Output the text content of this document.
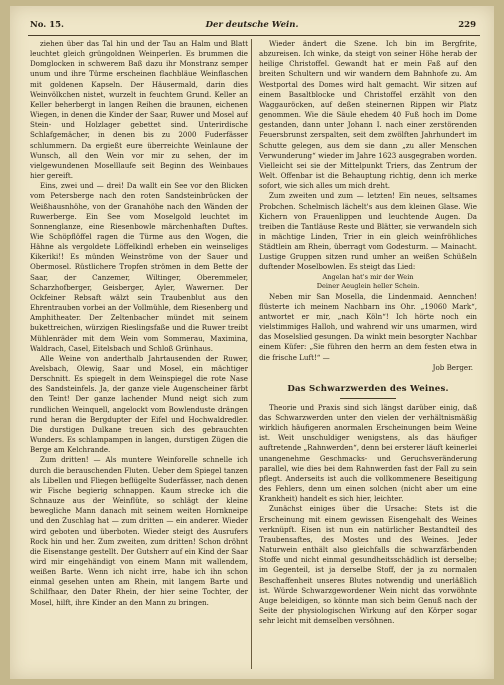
No. 15.	Der deutsche Wein.	229

ziehen über das Tal hin und der Tau an Halm und Blatt leuchtet gleich grüngoldnen Weinperlen. Es brummen die Domglocken in schwerem Baß dazu ihr Monstranz semper unum und ihre Türme erscheinen flachbläue Weinflaschen mit goldenen Kapseln. Der Häusermald, darin dies Weinvölkchen nistet, wurzelt in feuchtem Grund. Keller an Keller beherbergt in langen Reihen die braunen, eichenen Wiegen, in denen die Kinder der Saar, Ruwer und Mosel auf Stein- und Holzlager gebettet sind. Unterirdische Schlafgemächer, in denen bis zu 2000 Fuderfässer schlummern. Da ergießt eure überreichte Weinlaune der Wunsch, all den Wein vor mir zu sehen, der im vielgewundenen Moselllaufe seit Beginn des Weinbaues hier gereift.

Eins, zwei und — drei! Da wallt ein See vor den Blicken vom Petersberge nach den roten Sandsteinbrücken der Weißhausnhöhe, von der Granahöhe nach den Wänden der Ruwerberge. Ein See vom Moselgold leuchtet im Sonnenglanze, eine Riesenbowle märchenhaften Duftes. Wie Schöpflöffel ragen die Türme aus den Wogen, die Hähne als vergoldete Löffelkindl erheben ein weinseliges Kikeriki!! Es münden Weinströme von der Sauer und Obermosel. Rüstlichere Tropfen strömen in dem Bette der Saar, der Canzemer, Wiltinger, Oberemmeler, Scharzhofberger, Geisberger, Ayler, Wawerner. Der Ockfeiner Rebsaft wälzt sein Traubenblut aus den Ehrentrauben vorbei an der Vollmühle, dem Riesenberg und Amphitheater. Der Zeltenbacher mündet mit seinem bukettreichen, würzigen Rieslingsfaße und die Ruwer treibt Mühlenräder mit dem Wein vom Sommerau, Maximina, Waldrach, Casel, Eitelsbach und Schloß Grünhaus.

Alle Weine von anderthalb Jahrtausenden der Ruwer, Avelsbach, Olewig, Saar und Mosel, ein mächtiger Derschnitt. Es spiegelt in dem Weinspiegel die rote Nase des Sandsteinfels. Ja, der ganze viele Augenscheiner färbt den Teint! Der ganze lachender Mund neigt sich zum rundlichen Weinquell, angelockt vom Bowlenduste drängen rund heran die Bergdupter der Eifel und Hochwaldredler. Die durstigen Dulkane treuen sich des gebrauchten Wunders. Es schlampampen in langen, durstigen Zügen die Berge am Kelchrande.

Zum dritten! — Als muntere Weinforelle schnelle ich durch die berauschenden Fluten. Ueber dem Spiegel tanzen als Libellen und Fliegen beflügelte Suderfässer, nach denen wir Fische begierig schnappen. Kaum strecke ich die Schnauze aus der Weinflüte, so schlägt der kleine bewegliche Mann danach mit seinem weiten Hornkneipe und den Zuschlag hat — zum dritten — ein anderer. Wieder wird geboten und überboten. Wieder steigt des Ausrufers Rock hin und her. Zum zweiten, zum dritten! Schon dröhnt die Eisenstange gestellt. Der Gutsherr auf ein Kind der Saar wird mir eingehändigt von einem Mann mit wallendem, weißen Barte. Wenn ich nicht irre, habe ich ihn schon einmal gesehen unten am Rhein, mit langem Barte und Schilfhaar, den Dater Rhein, der hier seine Tochter, der Mosel, hilft, ihre Kinder an den Mann zu bringen.

Wieder ändert die Szene. Ich bin im Bergfrite, abzureisen. Ich winke, da steigt von seiner Höhe herab der heilige Christoffel. Gewandt hat er mein Faß auf den breiten Schultern und wir wandern dem Bahnhofe zu. Am Westportal des Domes wird halt gemacht. Wir sitzen auf einem Basaltblocke und Christoffel erzählt von den Waggauröcken, auf deßen steinernen Rippen wir Platz genommen. Wie die Säule ehedem 40 Fuß hoch im Dome gestanden, dann unter Johann I. nach einer zerstörenden Feuersbrunst zerspalten, seit dem zwölften Jahrhundert im Schutte gelegen, aus dem sie dann „zu aller Menschen Verwunderung“ wieder im Jahre 1623 ausgegraben worden. Vielleicht sei sie der Mittelpunkt Triers, das Zentrum der Welt. Offenbar ist die Behauptung richtig, denn ich merke sofort, wie sich alles um mich dreht.

Zum zweiten und zum — letzten! Ein neues, seltsames Probchen. Schelmisch lächelt's aus dem kleinen Glase. Wie Kichern von Frauenlippen und leuchtende Augen. Da treiben die Tantläuse Reste und Blätter, sie verwandeln sich in mächtige Linden, Trier in ein gleich weinfröhliches Städtlein am Rhein, überragt vom Godesturm. — Mainacht. Lustige Gruppen sitzen rund umher an weißen Schüßeln duftender Moselbowlen. Es steigt das Lied:

Angelan hat's mir der Wein
Deiner Aeuglein heller Schein.

Neben mir San Mosella, die Lindenmaid. Aennchen! flüsterte ich meinem Nachbarn ins Ohr. „19060 Mark“, antwortet er mir, „nach Köln“! Ich hörte noch ein vielstimmiges Halloh, und wahrend wir uns umarmen, wird das Moselslied gesungen. Da winkt mein besorgter Nachbar einem Küfer: „Sie führen den herrn an dem festen etwa in die frische Luft!“ —

Job Berger.
Das Schwarzwerden des Weines.

Theorie und Praxis sind sich längst darüber einig, daß das Schwarzwerden unter den vielen der verhältnismäßig wirklich häufigeren anormalen Erscheinungen beim Weine ist. Weit unschuldiger wenigstens, als das häufiger auftretende „Rahnwerden“, denn bei ersterer läuft keinerlei unangenehme Geschmacks- und Geruchsveränderung parallel, wie dies bei dem Rahnwerden fast der Fall zu sein pflegt. Anderseits ist auch die vollkommenere Beseitigung des Fehlers, denn um einen solchen (nicht aber um eine Krankheit) handelt es sich hier, leichter.

Zunächst einiges über die Ursache: Stets ist die Erscheinung mit einem gewissen Eisengehalt des Weines verknüpft. Eisen ist nun ein natürlicher Bestandteil des Traubensaftes, des Mostes und des Weines. Jeder Naturwein enthält also gleichfalls die schwarzfärbenden Stoffe und nicht einmal gesundheitsschädlich ist derselbe; im Gegenteil, ist ja derselbe Stoff, der ja zu normalen Beschaffenheit unseres Blutes notwendig und unerläßlich ist. Würde Schwarzgewordener Wein nicht das vorwöhnte Auge beleidigen, so könnte man sich beim Genuß nach der Seite der physiologischen Wirkung auf den Körper sogar sehr leicht mit demselben versöhnen.
